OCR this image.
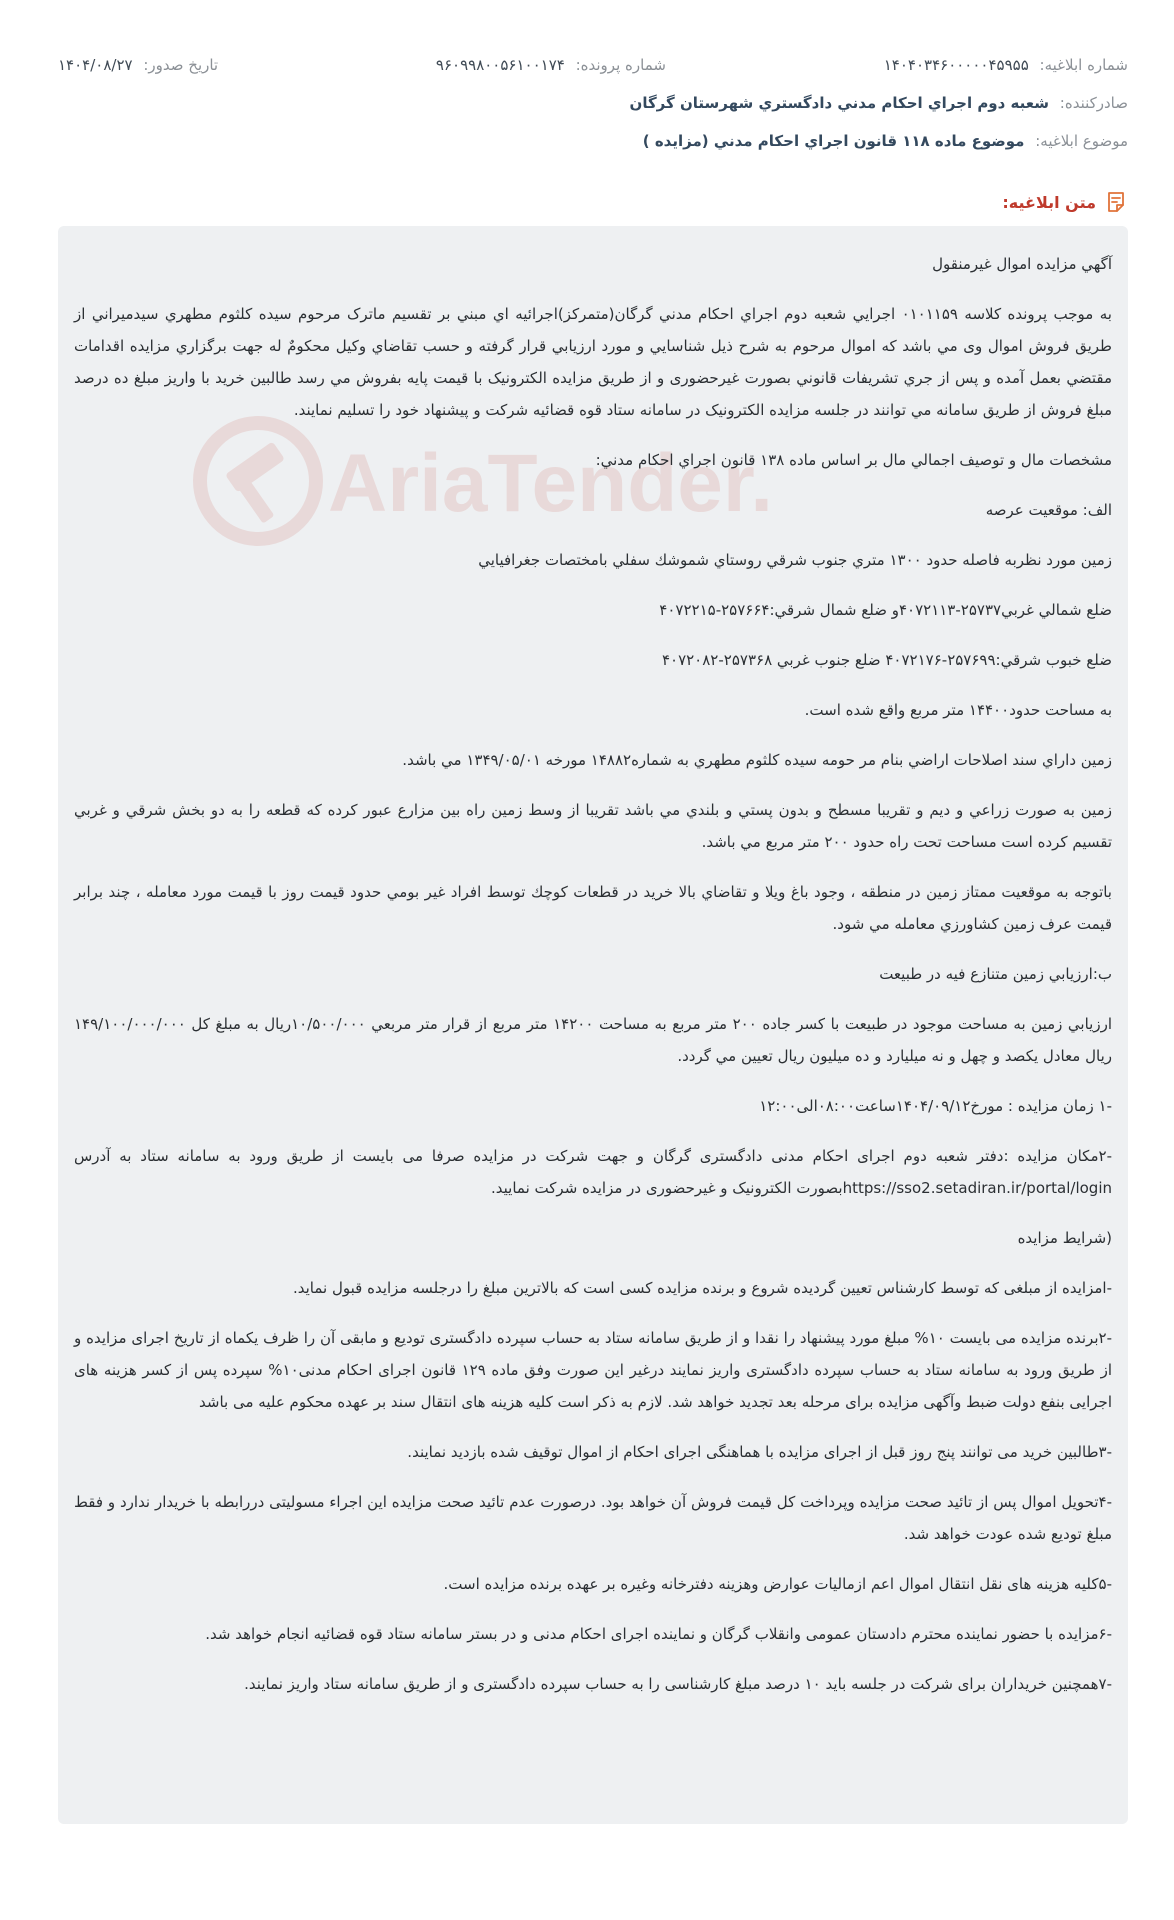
شماره ابلاغيه: ۱۴۰۴۰۳۴۶۰۰۰۰۰۴۵۹۵۵
شماره پرونده: ۹۶۰۹۹۸۰۰۵۶۱۰۰۱۷۴
تاريخ صدور: ۱۴۰۴/۰۸/۲۷
صادرکننده: شعبه دوم اجراي احكام مدني دادگستري شهرستان گرگان
موضوع ابلاغيه: موضوع ماده ۱۱۸ قانون اجراي احكام مدني (مزايده )
متن ابلاغيه:
AriaTender

آگهي مزايده اموال غيرمنقول

به موجب پرونده کلاسه ۰۱۰۱۱۵۹ اجرايي شعبه دوم اجراي احكام مدني گرگان(متمركز)اجرائيه اي مبني بر تقسيم ماترک مرحوم سيده كلثوم مطهري سيدميراني از طريق فروش اموال وی مي باشد كه اموال مرحوم به شرح ذيل شناسايي و مورد ارزيابي قرار گرفته و حسب تقاضاي وكيل محكومٌ له جهت برگزاري مزايده اقدامات مقتضي بعمل آمده و پس از جري تشريفات قانوني بصورت غيرحضوری و از طريق مزايده الکترونيک با قيمت پايه بفروش مي رسد طالبين خريد با واريز مبلغ ده درصد مبلغ فروش از طريق سامانه مي توانند در جلسه مزايده الكترونيک در سامانه ستاد قوه قضائيه شركت و پيشنهاد خود را تسليم نمايند.

مشخصات مال و توصيف اجمالي مال بر اساس ماده ۱۳۸ قانون اجراي احكام مدني:

الف: موقعيت عرصه

زمين مورد نظربه فاصله حدود ۱۳۰۰ متري جنوب شرقي روستاي شموشك سفلي بامختصات جغرافيايي

ضلع شمالي غربي۲۵۷۳۷-۴۰۷۲۱۱۳و ضلع شمال شرقي:۲۵۷۶۶۴-۴۰۷۲۲۱۵

ضلع خبوب شرقي:۲۵۷۶۹۹-۴۰۷۲۱۷۶ ضلع جنوب غربي ۲۵۷۳۶۸-۴۰۷۲۰۸۲

به مساحت حدود۱۴۴۰۰ متر مربع واقع شده است.

زمين داراي سند اصلاحات اراضي بنام مر حومه سيده كلثوم مطهري به شماره۱۴۸۸۲ مورخه ۱۳۴۹/۰۵/۰۱ مي باشد.

زمين به صورت زراعي و ديم و تقريبا مسطح و بدون پستي و بلندي مي باشد تقريبا از وسط زمين راه بين مزارع عبور كرده كه قطعه را به دو بخش شرقي و غربي تقسيم كرده است مساحت تحت راه حدود ۲۰۰ متر مربع مي باشد.

باتوجه به موقعيت ممتاز زمين در منطقه ، وجود باغ ويلا و تقاضاي بالا خريد در قطعات كوچك توسط افراد غير بومي حدود قيمت روز با قيمت مورد معامله ، چند برابر قيمت عرف زمين كشاورزي معامله مي شود.

ب:ارزيابي زمين متنازع فيه در طبيعت

ارزيابي زمين به مساحت موجود در طبيعت با كسر جاده ۲۰۰ متر مربع به مساحت ۱۴۲۰۰ متر مربع از قرار متر مربعي ۱۰/۵۰۰/۰۰۰ريال به مبلغ كل ۱۴۹/۱۰۰/۰۰۰/۰۰۰ ريال معادل يكصد و چهل و نه ميليارد و ده ميليون ريال تعيين مي گردد.

-۱ زمان مزايده : مورخ۱۴۰۴/۰۹/۱۲ساعت۰۸:۰۰الی۱۲:۰۰

-۲مکان مزایده :دفتر شعبه دوم اجرای احکام مدنی دادگستری گرگان و جهت شرکت در مزایده صرفا می بایست از طریق ورود به سامانه ستاد به آدرس https://sso2.setadiran.ir/portal/loginبصورت الکترونیک و غیرحضوری در مزایده شرکت نمایید.

(شرایط مزایده

-امزایده از مبلغی که توسط کارشناس تعیین گردیده شروع و برنده مزایده کسی است که بالاترین مبلغ را درجلسه مزایده قبول نماید.

-۲برنده مزایده می بایست ۱۰% مبلغ مورد پیشنهاد را نقدا و از طریق سامانه ستاد به حساب سپرده دادگستری تودیع و مابقی آن را ظرف یکماه از تاریخ اجرای مزایده و از طریق ورود به سامانه ستاد به حساب سپرده دادگستری واریز نمایند درغیر این صورت وفق ماده ۱۲۹ قانون اجرای احکام مدنی۱۰% سپرده پس از کسر هزینه های اجرایی بنفع دولت ضبط وآگهی مزایده برای مرحله بعد تجدید خواهد شد. لازم به ذکر است کلیه هزینه های انتقال سند بر عهده محکوم علیه می باشد

-۳طالبین خرید می توانند پنج روز قبل از اجرای مزایده با هماهنگی اجرای احکام از اموال توقیف شده بازدید نمایند.

-۴تحویل اموال پس از تائید صحت مزایده وپرداخت کل قیمت فروش آن خواهد بود. درصورت عدم تائید صحت مزایده این اجراء مسولیتی دررابطه با خریدار ندارد و فقط مبلغ تودیع شده عودت خواهد شد.

-۵کلیه هزینه های نقل انتقال اموال اعم ازمالیات عوارض وهزینه دفترخانه وغیره بر عهده برنده مزایده است.

-۶مزایده با حضور نماینده محترم دادستان عمومی وانقلاب گرگان و نماینده اجرای احکام مدنی و در بستر سامانه ستاد قوه قضائیه انجام خواهد شد.

-۷همچنین خریداران برای شرکت در جلسه باید ۱۰ درصد مبلغ کارشناسی را به حساب سپرده دادگستری و از طریق سامانه ستاد واریز نمایند.
